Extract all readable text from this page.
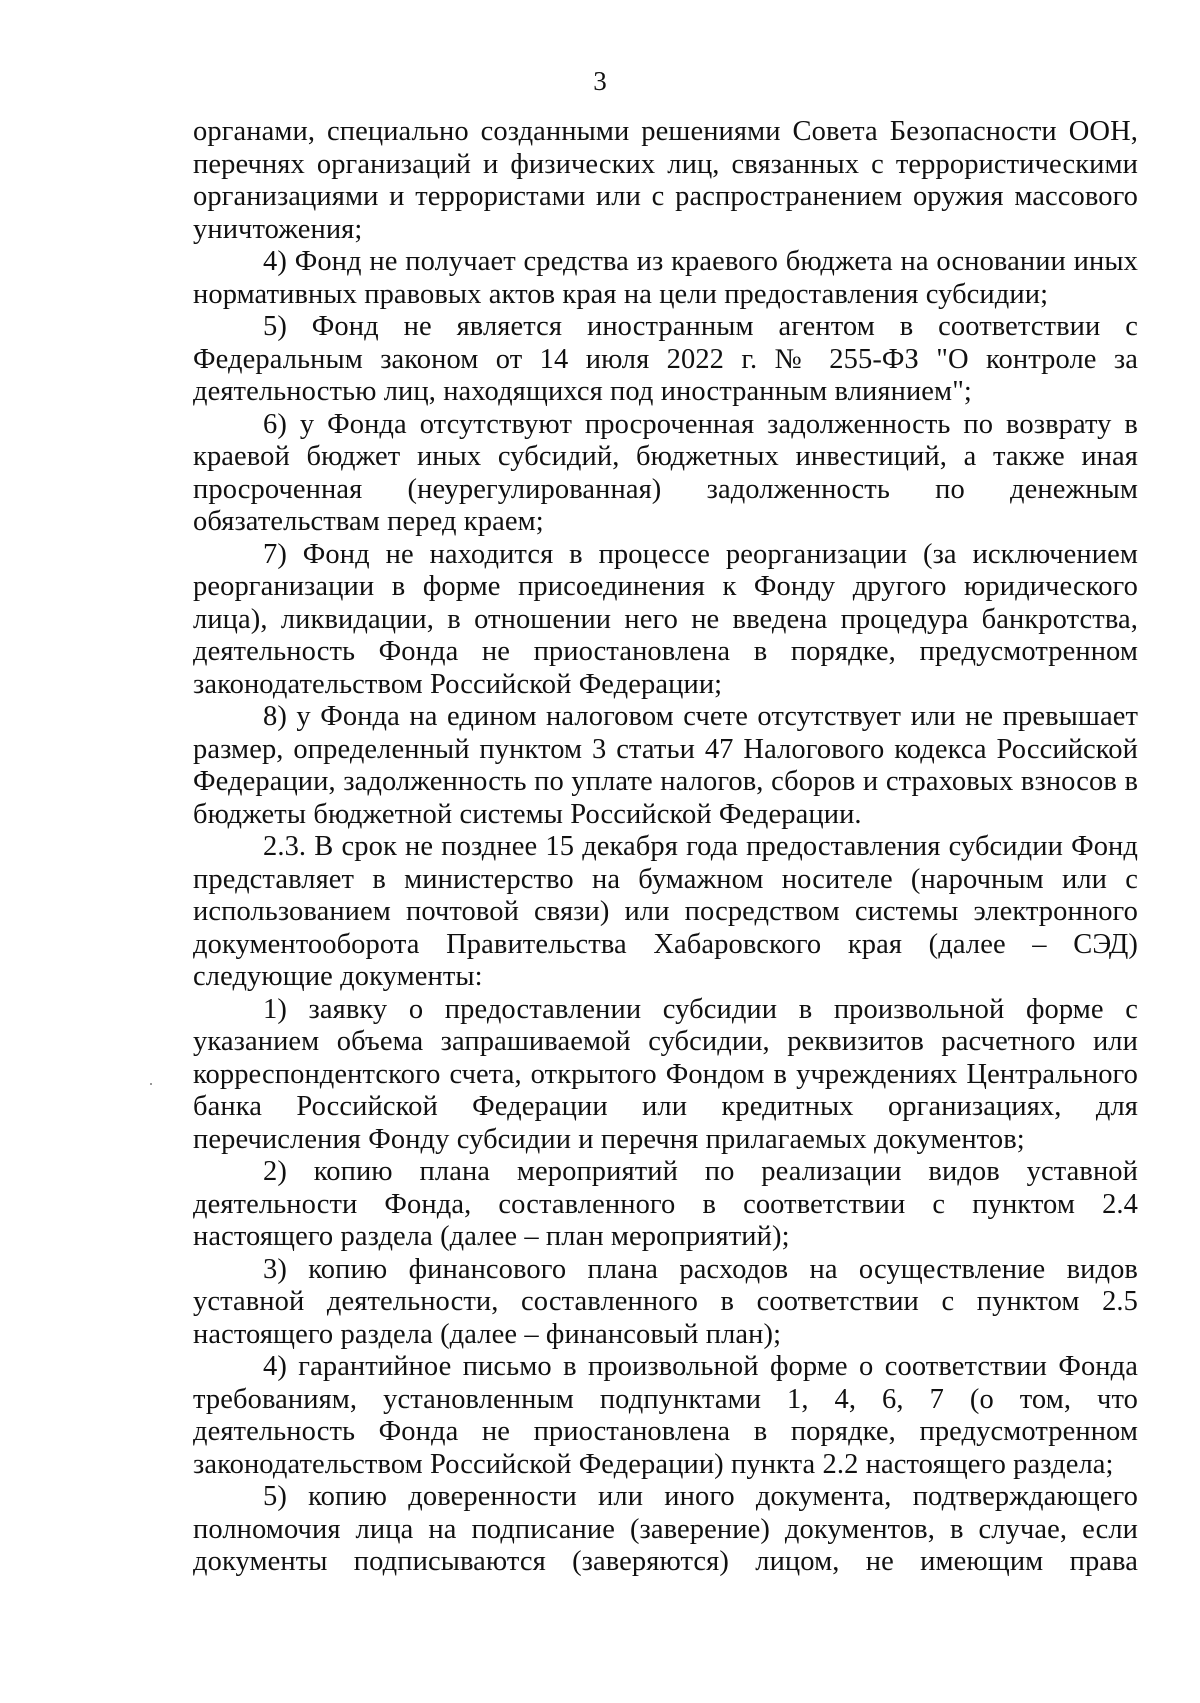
3

органами, специально созданными решениями Совета Безопасности ООН, перечнях организаций и физических лиц, связанных с террористическими организациями и террористами или с распространением оружия массового уничтожения;

4) Фонд не получает средства из краевого бюджета на основании иных нормативных правовых актов края на цели предоставления субсидии;

5) Фонд не является иностранным агентом в соответствии с Федеральным законом от 14 июля 2022 г. № 255-ФЗ "О контроле за деятельностью лиц, находящихся под иностранным влиянием";

6) у Фонда отсутствуют просроченная задолженность по возврату в краевой бюджет иных субсидий, бюджетных инвестиций, а также иная просроченная (неурегулированная) задолженность по денежным обязательствам перед краем;

7) Фонд не находится в процессе реорганизации (за исключением реорганизации в форме присоединения к Фонду другого юридического лица), ликвидации, в отношении него не введена процедура банкротства, деятельность Фонда не приостановлена в порядке, предусмотренном законодательством Российской Федерации;

8) у Фонда на едином налоговом счете отсутствует или не превышает размер, определенный пунктом 3 статьи 47 Налогового кодекса Российской Федерации, задолженность по уплате налогов, сборов и страховых взносов в бюджеты бюджетной системы Российской Федерации.

2.3. В срок не позднее 15 декабря года предоставления субсидии Фонд представляет в министерство на бумажном носителе (нарочным или с использованием почтовой связи) или посредством системы электронного документооборота Правительства Хабаровского края (далее – СЭД) следующие документы:

1) заявку о предоставлении субсидии в произвольной форме с указанием объема запрашиваемой субсидии, реквизитов расчетного или корреспондентского счета, открытого Фондом в учреждениях Центрального банка Российской Федерации или кредитных организациях, для перечисления Фонду субсидии и перечня прилагаемых документов;

2) копию плана мероприятий по реализации видов уставной деятельности Фонда, составленного в соответствии с пунктом 2.4 настоящего раздела (далее – план мероприятий);

3) копию финансового плана расходов на осуществление видов уставной деятельности, составленного в соответствии с пунктом 2.5 настоящего раздела (далее – финансовый план);

4) гарантийное письмо в произвольной форме о соответствии Фонда требованиям, установленным подпунктами 1, 4, 6, 7 (о том, что деятельность Фонда не приостановлена в порядке, предусмотренном законодательством Российской Федерации) пункта 2.2 настоящего раздела;

5) копию доверенности или иного документа, подтверждающего полномочия лица на подписание (заверение) документов, в случае, если документы подписываются (заверяются) лицом, не имеющим права
